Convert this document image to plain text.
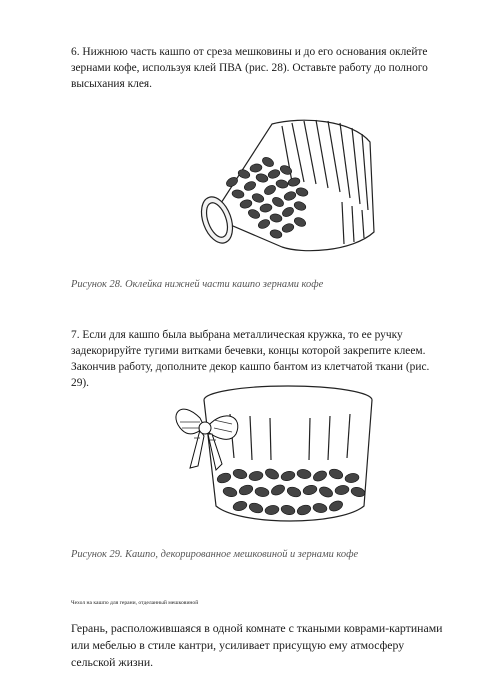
6. Нижнюю часть кашпо от среза мешковины и до его основания оклейте зернами кофе, используя клей ПВА (рис. 28). Оставьте работу до полного высыхания клея.

Рисунок 28. Оклейка нижней части кашпо зернами кофе

7. Если для кашпо была выбрана металлическая кружка, то ее ручку задекорируйте тугими витками бечевки, концы которой закрепите клеем. Закончив работу, дополните декор кашпо бантом из клетчатой ткани (рис. 29).

Рисунок 29. Кашпо, декорированное мешковиной и зернами кофе

Чехол на кашпо для герани, отделанный мешковиной

Герань, расположившаяся в одной комнате с ткаными коврами-картинами или мебелью в стиле кантри, усиливает присущую ему атмосферу сельской жизни.
